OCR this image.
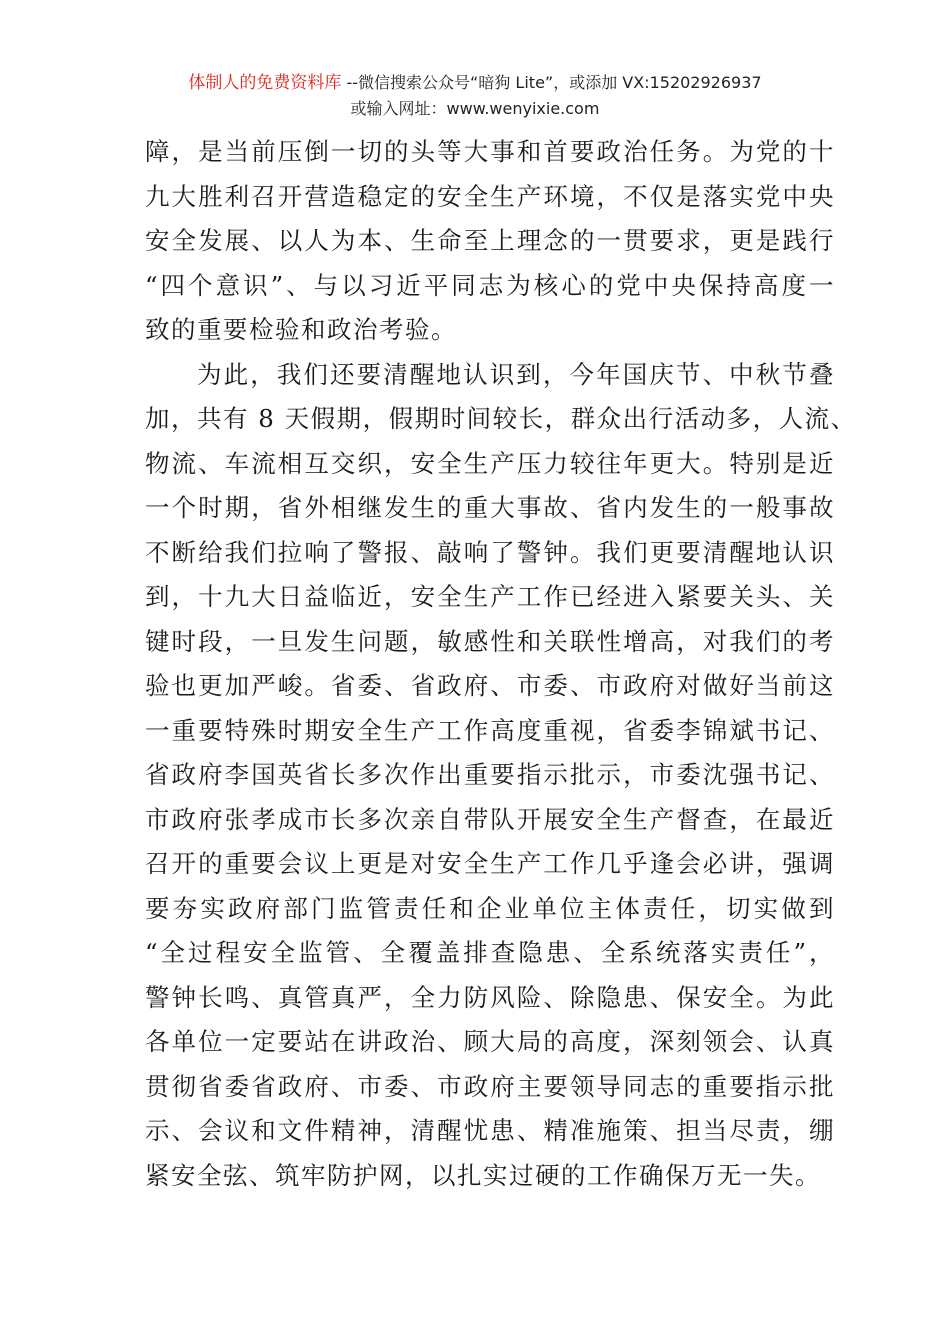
体制人的免费资料库 --微信搜索公众号“暗狗 Lite”，或添加 VX:15202926937
或输入网址：www.wenyixie.com
障，是当前压倒一切的头等大事和首要政治任务。为党的十
九大胜利召开营造稳定的安全生产环境，不仅是落实党中央
安全发展、以人为本、生命至上理念的一贯要求，更是践行
“四个意识”、与以习近平同志为核心的党中央保持高度一
致的重要检验和政治考验。
为此，我们还要清醒地认识到，今年国庆节、中秋节叠
加，共有 8 天假期，假期时间较长，群众出行活动多，人流、
物流、车流相互交织，安全生产压力较往年更大。特别是近
一个时期，省外相继发生的重大事故、省内发生的一般事故
不断给我们拉响了警报、敲响了警钟。我们更要清醒地认识
到，十九大日益临近，安全生产工作已经进入紧要关头、关
键时段，一旦发生问题，敏感性和关联性增高，对我们的考
验也更加严峻。省委、省政府、市委、市政府对做好当前这
一重要特殊时期安全生产工作高度重视，省委李锦斌书记、
省政府李国英省长多次作出重要指示批示，市委沈强书记、
市政府张孝成市长多次亲自带队开展安全生产督查，在最近
召开的重要会议上更是对安全生产工作几乎逢会必讲，强调
要夯实政府部门监管责任和企业单位主体责任，切实做到
“全过程安全监管、全覆盖排查隐患、全系统落实责任”，
警钟长鸣、真管真严，全力防风险、除隐患、保安全。为此
各单位一定要站在讲政治、顾大局的高度，深刻领会、认真
贯彻省委省政府、市委、市政府主要领导同志的重要指示批
示、会议和文件精神，清醒忧患、精准施策、担当尽责，绷
紧安全弦、筑牢防护网，以扎实过硬的工作确保万无一失。
